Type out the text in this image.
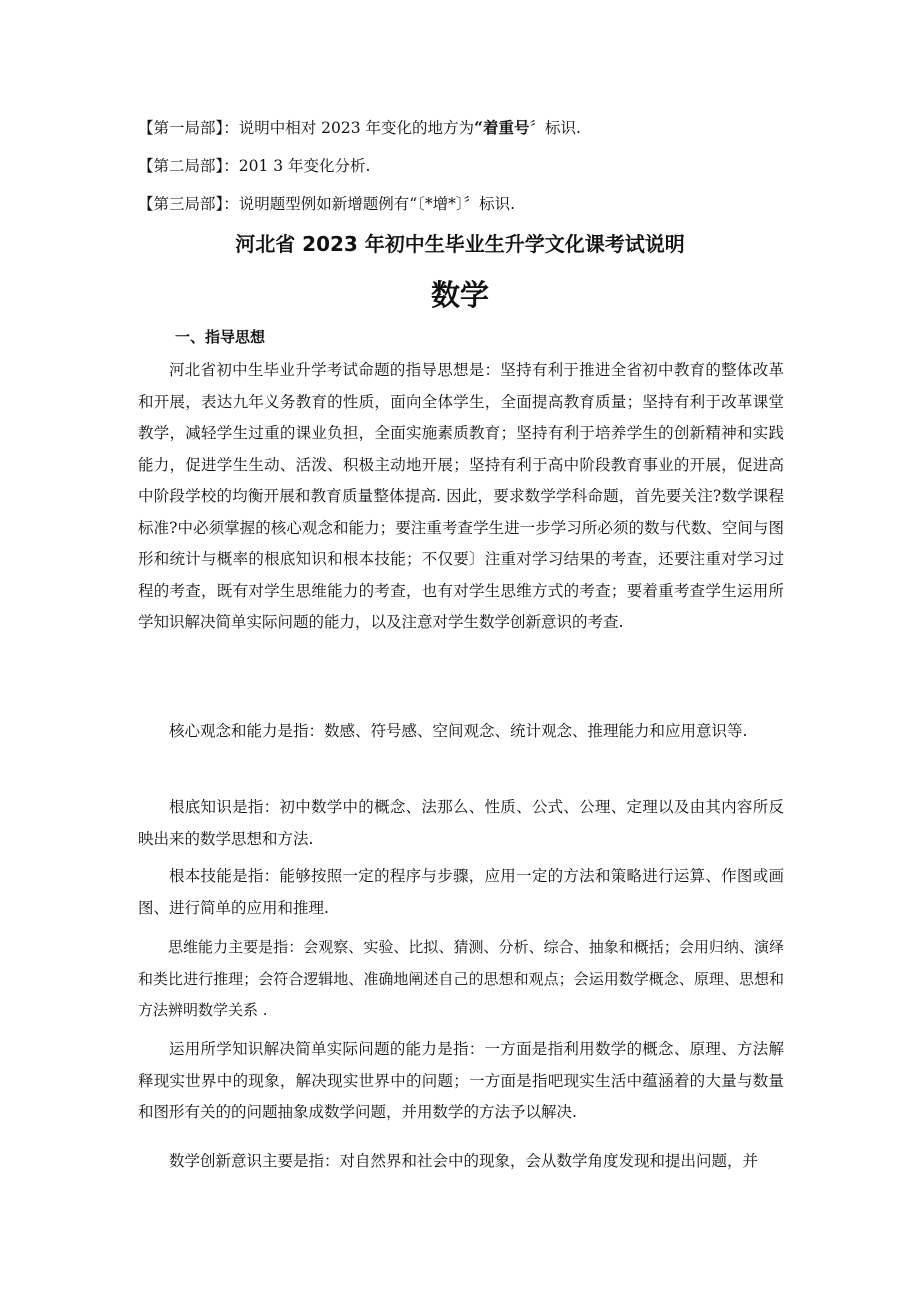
【第一局部】：说明中相对 2023 年变化的地方为“着重号〞标识.
【第二局部】：201 3 年变化分析.
【第三局部】：说明题型例如新增题例有“〔*增*〕〞标识.
河北省 2023 年初中生毕业生升学文化课考试说明
数学
一、指导思想

河北省初中生毕业升学考试命题的指导思想是：坚持有利于推进全省初中教育的整体改革和开展，表达九年义务教育的性质，面向全体学生，全面提高教育质量；坚持有利于改革课堂教学，减轻学生过重的课业负担，全面实施素质教育；坚持有利于培养学生的创新精神和实践能力，促进学生生动、活泼、积极主动地开展；坚持有利于高中阶段教育事业的开展，促进高中阶段学校的均衡开展和教育质量整体提高. 因此，要求数学学科命题，首先要关注?数学课程标准?中必须掌握的核心观念和能力；要注重考查学生进一步学习所必须的数与代数、空间与图形和统计与概率的根底知识和根本技能；不仅要〕注重对学习结果的考查，还要注重对学习过程的考查，既有对学生思维能力的考查，也有对学生思维方式的考查；要着重考查学生运用所学知识解决简单实际问题的能力，以及注意对学生数学创新意识的考查.

核心观念和能力是指：数感、符号感、空间观念、统计观念、推理能力和应用意识等.

根底知识是指：初中数学中的概念、法那么、性质、公式、公理、定理以及由其内容所反映出来的数学思想和方法.

根本技能是指：能够按照一定的程序与步骤，应用一定的方法和策略进行运算、作图或画图、进行简单的应用和推理.

思维能力主要是指：会观察、实验、比拟、猜测、分析、综合、抽象和概括；会用归纳、演绎和类比进行推理；会符合逻辑地、准确地阐述自己的思想和观点；会运用数学概念、原理、思想和方法辨明数学关系 .

运用所学知识解决简单实际问题的能力是指：一方面是指利用数学的概念、原理、方法解释现实世界中的现象，解决现实世界中的问题；一方面是指吧现实生活中蕴涵着的大量与数量和图形有关的的问题抽象成数学问题，并用数学的方法予以解决.

数学创新意识主要是指：对自然界和社会中的现象，会从数学角度发现和提出问题，并
